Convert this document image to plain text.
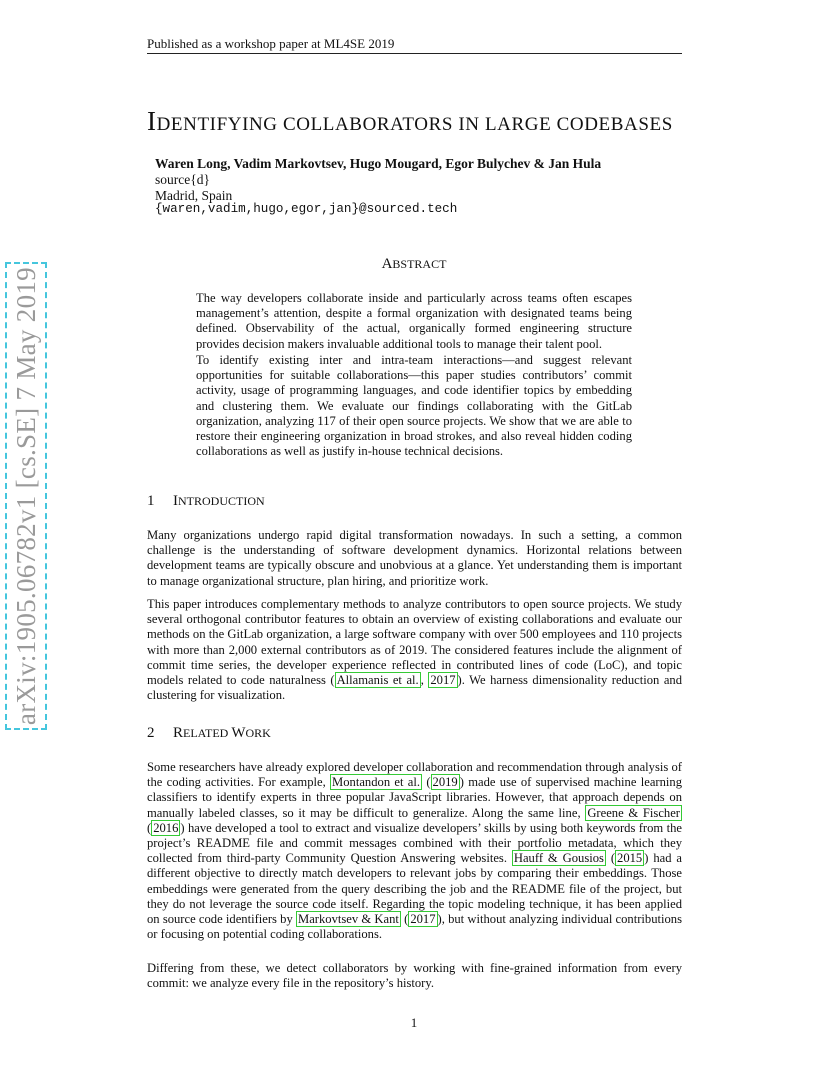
Published as a workshop paper at ML4SE 2019
IDENTIFYING COLLABORATORS IN LARGE CODEBASES
Waren Long, Vadim Markovtsev, Hugo Mougard, Egor Bulychev & Jan Hula
source{d}
Madrid, Spain
{waren,vadim,hugo,egor,jan}@sourced.tech
ABSTRACT

The way developers collaborate inside and particularly across teams often escapes management’s attention, despite a formal organization with designated teams being defined. Observability of the actual, organically formed engineering structure provides decision makers invaluable additional tools to manage their talent pool.

To identify existing inter and intra-team interactions—and suggest relevant opportunities for suitable collaborations—this paper studies contributors’ commit activity, usage of programming languages, and code identifier topics by embedding and clustering them. We evaluate our findings collaborating with the GitLab organization, analyzing 117 of their open source projects. We show that we are able to restore their engineering organization in broad strokes, and also reveal hidden coding collaborations as well as justify in-house technical decisions.

1 INTRODUCTION

Many organizations undergo rapid digital transformation nowadays. In such a setting, a common challenge is the understanding of software development dynamics. Horizontal relations between development teams are typically obscure and unobvious at a glance. Yet understanding them is important to manage organizational structure, plan hiring, and prioritize work.

This paper introduces complementary methods to analyze contributors to open source projects. We study several orthogonal contributor features to obtain an overview of existing collaborations and evaluate our methods on the GitLab organization, a large software company with over 500 employees and 110 projects with more than 2,000 external contributors as of 2019. The considered features include the alignment of commit time series, the developer experience reflected in contributed lines of code (LoC), and topic models related to code naturalness ( Allamanis et al. , 2017 ). We harness dimensionality reduction and clustering for visualization.

2 RELATED WORK

Some researchers have already explored developer collaboration and recommendation through analysis of the coding activities. For example, Montandon et al. ( 2019 ) made use of supervised machine learning classifiers to identify experts in three popular JavaScript libraries. However, that approach depends on manually labeled classes, so it may be difficult to generalize. Along the same line, Greene & Fischer ( 2016 ) have developed a tool to extract and visualize developers’ skills by using both keywords from the project’s README file and commit messages combined with their portfolio metadata, which they collected from third-party Community Question Answering websites. Hauff & Gousios ( 2015 ) had a different objective to directly match developers to relevant jobs by comparing their embeddings. Those embeddings were generated from the query describing the job and the README file of the project, but they do not leverage the source code itself. Regarding the topic modeling technique, it has been applied on source code identifiers by Markovtsev & Kant ( 2017 ), but without analyzing individual contributions or focusing on potential coding collaborations.

Differing from these, we detect collaborators by working with fine-grained information from every commit: we analyze every file in the repository’s history.

arXiv:1905.06782v1 [cs.SE] 7 May 2019
1
